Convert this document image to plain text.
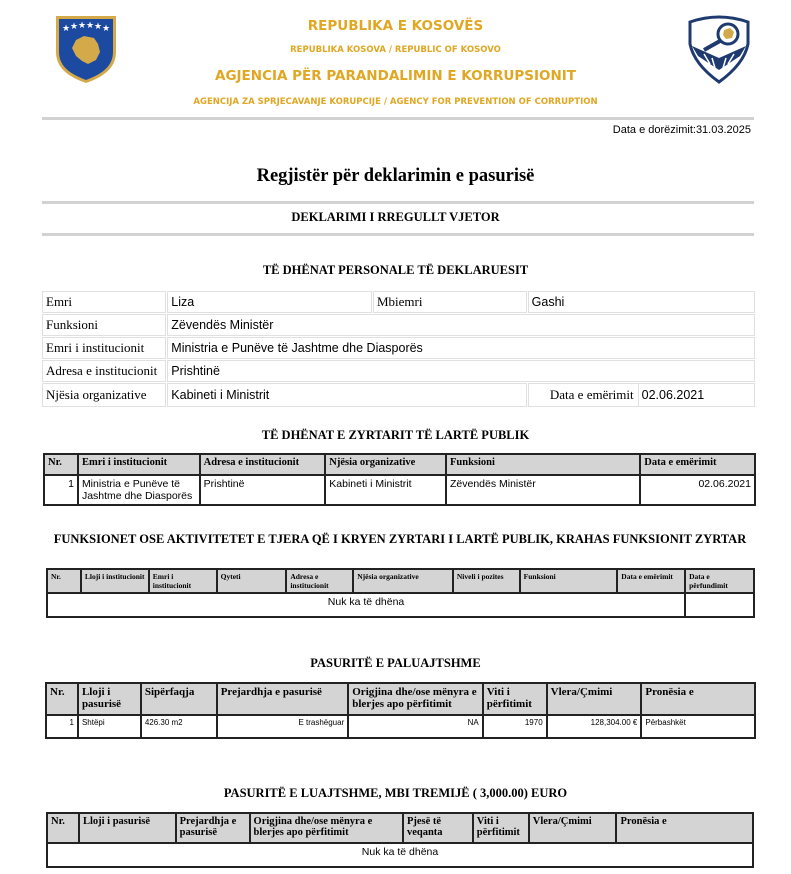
★ ★ ★ ★ ★ ★	REPUBLIKA E KOSOVËS
REPUBLIKA KOSOVA / REPUBLIC OF KOSOVO
AGJENCIA PËR PARANDALIMIN E KORRUPSIONIT
AGENCIJA ZA SPRJECAVANJE KORUPCIJE / AGENCY FOR PREVENTION OF CORRUPTION
Data e dorëzimit:31.03.2025
Regjistër për deklarimin e pasurisë
DEKLARIMI I RREGULLT VJETOR
TË DHËNAT PERSONALE TË DEKLARUESIT
Emri	Liza	Mbiemri	Gashi
Funksioni	Zëvendës Ministër		
Emri i institucionit	Ministria e Punëve të Jashtme dhe Diasporës		
Adresa e institucionit	Prishtinë		
Njësia organizative	Kabineti i Ministrit		Data e emërimit 02.06.2021
TË DHËNAT E ZYRTARIT TË LARTË PUBLIK
Nr.	Emri i institucionit	Adresa e institucionit	Njësia organizative	Funksioni	Data e emërimit
1	Ministria e Punëve të Jashtme dhe Diasporës	Prishtinë	Kabineti i Ministrit	Zëvendës Ministër	02.06.2021
FUNKSIONET OSE AKTIVITETET E TJERA QË I KRYEN ZYRTARI I LARTË PUBLIK, KRAHAS FUNKSIONIT ZYRTAR
Nr.	Lloji i institucionit	Emri i institucionit	Qyteti	Adresa e institucionit	Njësia organizative	Niveli i pozites	Funksioni	Data e emërimit	Data e përfundimit
Nuk ka të dhëna									
PASURITË E PALUAJTSHME
Nr.	Lloji i pasurisë	Sipërfaqja	Prejardhja e pasurisë	Origjina dhe/ose mënyra e blerjes apo përfitimit	Viti i përfitimit	Vlera/Çmimi	Pronësia e
1	Shtëpi	426.30 m2	E trashëguar	NA	1970	128,304.00 €	Përbashkët
PASURITË E LUAJTSHME, MBI TREMIJË ( 3,000.00) EURO
Nr.	Lloji i pasurisë	Prejardhja e pasurisë	Origjina dhe/ose mënyra e blerjes apo përfitimit	Pjesë të veqanta	Viti i përfitimit	Vlera/Çmimi	Pronësia e
Nuk ka të dhëna
